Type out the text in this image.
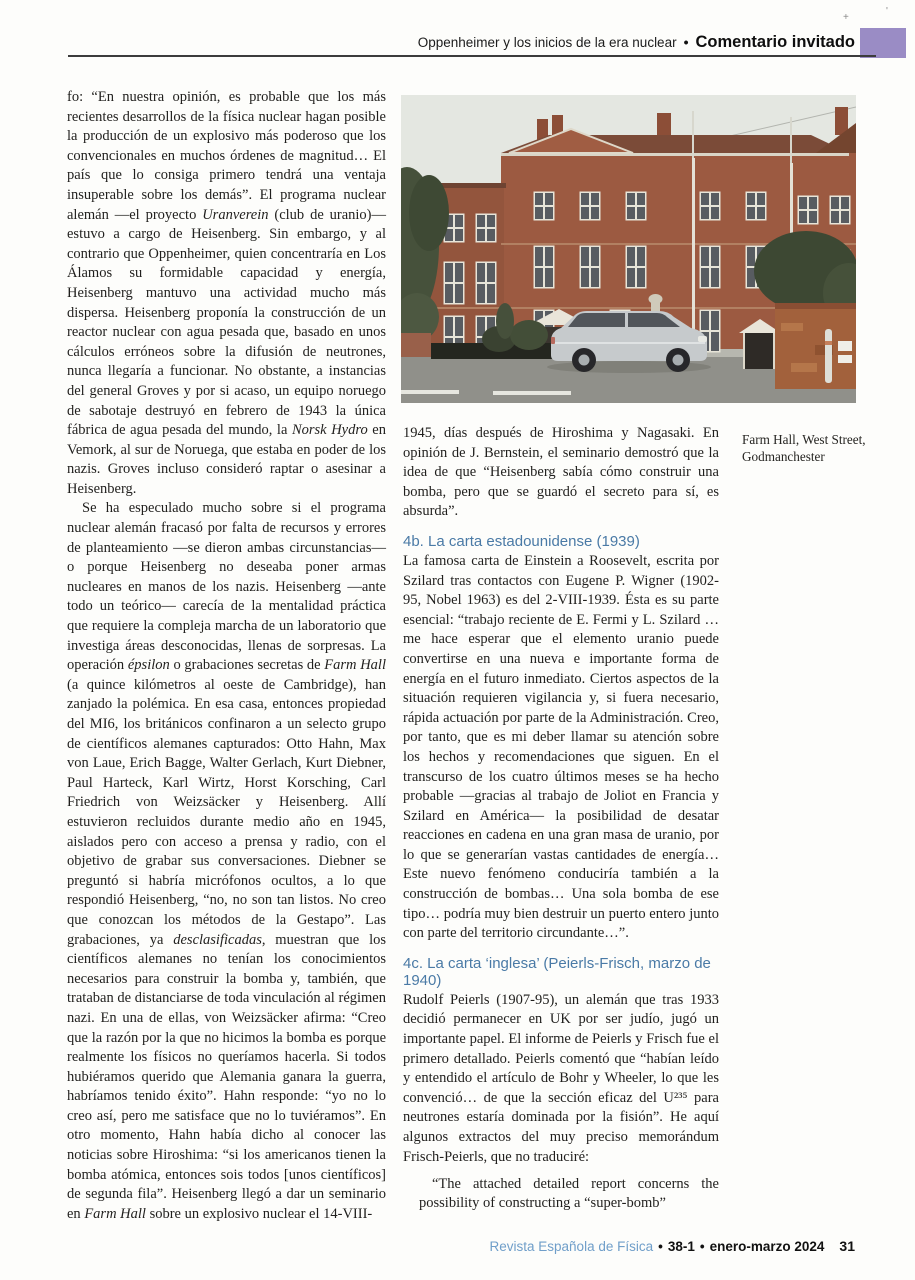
Oppenheimer y los inicios de la era nuclear • Comentario invitado
+
'
Farm Hall, West Street, Godmanchester

fo: “En nuestra opinión, es probable que los más recientes desarrollos de la física nuclear hagan posible la producción de un explosivo más poderoso que los convencionales en muchos órdenes de magnitud… El país que lo consiga primero tendrá una ventaja insuperable sobre los demás”. El programa nuclear alemán —el proyecto Uranverein (club de uranio)— estuvo a cargo de Heisenberg. Sin embargo, y al contrario que Oppenheimer, quien concentraría en Los Álamos su formidable capacidad y energía, Heisenberg mantuvo una actividad mucho más dispersa. Heisenberg proponía la construcción de un reactor nuclear con agua pesada que, basado en unos cálculos erróneos sobre la difusión de neutrones, nunca llegaría a funcionar. No obstante, a instancias del general Groves y por si acaso, un equipo noruego de sabotaje destruyó en febrero de 1943 la única fábrica de agua pesada del mundo, la Norsk Hydro en Vemork, al sur de Noruega, que estaba en poder de los nazis. Groves incluso consideró raptar o asesinar a Heisenberg.

Se ha especulado mucho sobre si el programa nuclear alemán fracasó por falta de recursos y errores de planteamiento —se dieron ambas circunstancias— o porque Heisenberg no deseaba poner armas nucleares en manos de los nazis. Heisenberg —ante todo un teórico— carecía de la mentalidad práctica que requiere la compleja marcha de un laboratorio que investiga áreas desconocidas, llenas de sorpresas. La operación épsilon o grabaciones secretas de Farm Hall (a quince kilómetros al oeste de Cambridge), han zanjado la polémica. En esa casa, entonces propiedad del MI6, los británicos confinaron a un selecto grupo de científicos alemanes capturados: Otto Hahn, Max von Laue, Erich Bagge, Walter Gerlach, Kurt Diebner, Paul Harteck, Karl Wirtz, Horst Korsching, Carl Friedrich von Weizsäcker y Heisenberg. Allí estuvieron recluidos durante medio año en 1945, aislados pero con acceso a prensa y radio, con el objetivo de grabar sus conversaciones. Diebner se preguntó si habría micrófonos ocultos, a lo que respondió Heisenberg, “no, no son tan listos. No creo que conozcan los métodos de la Gestapo”. Las grabaciones, ya desclasificadas, muestran que los científicos alemanes no tenían los conocimientos necesarios para construir la bomba y, también, que trataban de distanciarse de toda vinculación al régimen nazi. En una de ellas, von Weizsäcker afirma: “Creo que la razón por la que no hicimos la bomba es porque realmente los físicos no queríamos hacerla. Si todos hubiéramos querido que Alemania ganara la guerra, habríamos tenido éxito”. Hahn responde: “yo no lo creo así, pero me satisface que no lo tuviéramos”. En otro momento, Hahn había dicho al conocer las noticias sobre Hiroshima: “si los americanos tienen la bomba atómica, entonces sois todos [unos científicos] de segunda fila”. Heisenberg llegó a dar un seminario en Farm Hall sobre un explosivo nuclear el 14-VIII-

1945, días después de Hiroshima y Nagasaki. En opinión de J. Bernstein, el seminario demostró que la idea de que “Heisenberg sabía cómo construir una bomba, pero que se guardó el secreto para sí, es absurda”.

4b. La carta estadounidense (1939)

La famosa carta de Einstein a Roosevelt, escrita por Szilard tras contactos con Eugene P. Wigner (1902-95, Nobel 1963) es del 2-VIII-1939. Ésta es su parte esencial: “trabajo reciente de E. Fermi y L. Szilard … me hace esperar que el elemento uranio puede convertirse en una nueva e importante forma de energía en el futuro inmediato. Ciertos aspectos de la situación requieren vigilancia y, si fuera necesario, rápida actuación por parte de la Administración. Creo, por tanto, que es mi deber llamar su atención sobre los hechos y recomendaciones que siguen. En el transcurso de los cuatro últimos meses se ha hecho probable —gracias al trabajo de Joliot en Francia y Szilard en América— la posibilidad de desatar reacciones en cadena en una gran masa de uranio, por lo que se generarían vastas cantidades de energía… Este nuevo fenómeno conduciría también a la construcción de bombas… Una sola bomba de ese tipo… podría muy bien destruir un puerto entero junto con parte del territorio circundante…”.

4c. La carta ‘inglesa’ (Peierls-Frisch, marzo de 1940)

Rudolf Peierls (1907-95), un alemán que tras 1933 decidió permanecer en UK por ser judío, jugó un importante papel. El informe de Peierls y Frisch fue el primero detallado. Peierls comentó que “habían leído y entendido el artículo de Bohr y Wheeler, lo que les convenció… de que la sección eficaz del U²³⁵ para neutrones estaría dominada por la fisión”. He aquí algunos extractos del muy preciso memorándum Frisch-Peierls, que no traduciré:

“The attached detailed report concerns the possibility of constructing a “super-bomb”

Revista Española de Física • 38-1 • enero-marzo 2024 31
